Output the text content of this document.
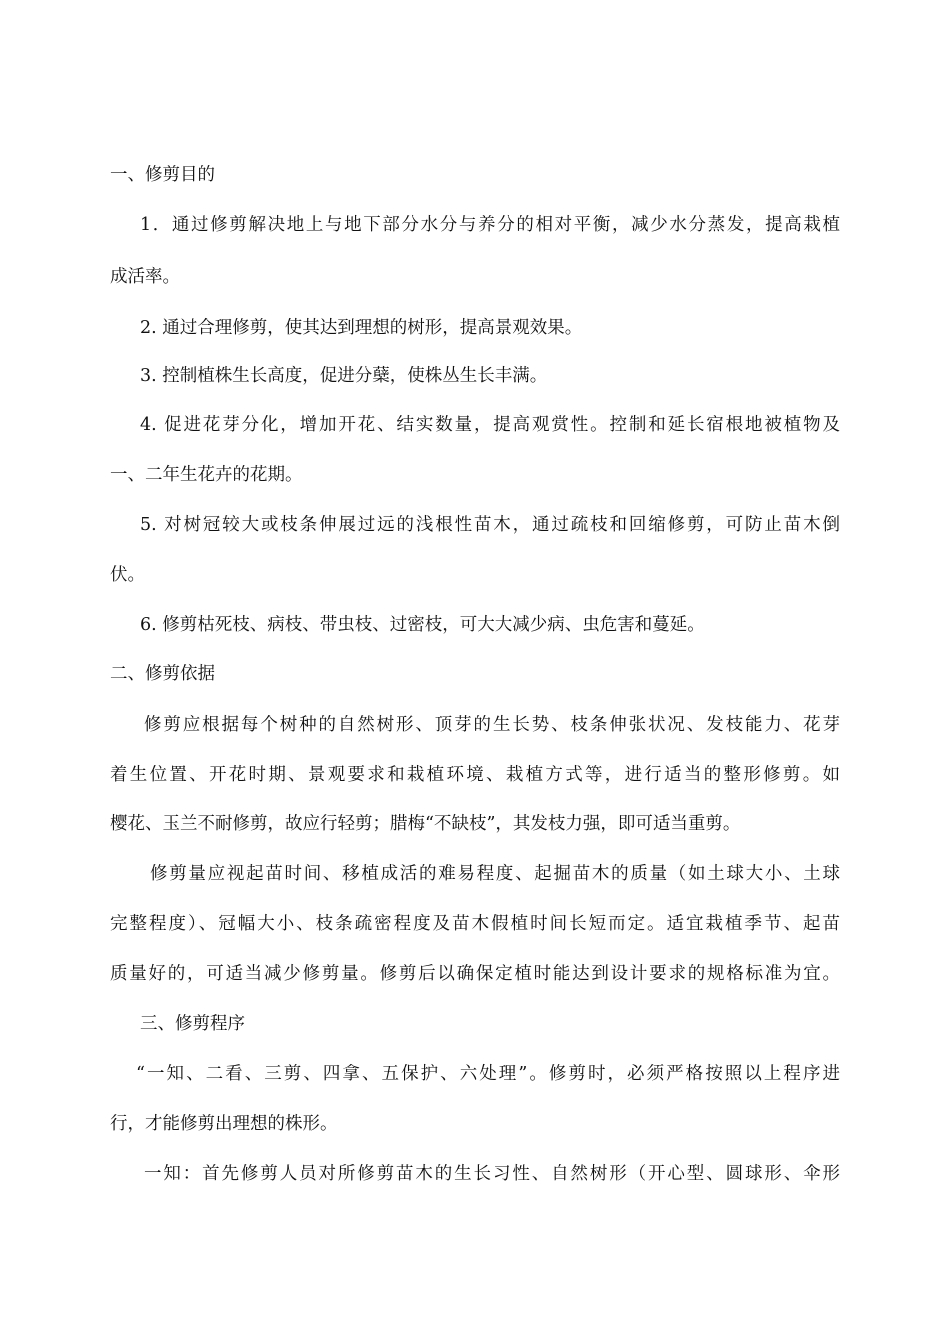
一、修剪目的
1．通过修剪解决地上与地下部分水分与养分的相对平衡，减少水分蒸发，提高栽植
成活率。
2. 通过合理修剪，使其达到理想的树形，提高景观效果。
3. 控制植株生长高度，促进分蘖，使株丛生长丰满。
4. 促进花芽分化，增加开花、结实数量，提高观赏性。控制和延长宿根地被植物及
一、二年生花卉的花期。
5. 对树冠较大或枝条伸展过远的浅根性苗木，通过疏枝和回缩修剪，可防止苗木倒
伏。
6. 修剪枯死枝、病枝、带虫枝、过密枝，可大大减少病、虫危害和蔓延。
二、修剪依据
修剪应根据每个树种的自然树形、顶芽的生长势、枝条伸张状况、发枝能力、花芽
着生位置、开花时期、景观要求和栽植环境、栽植方式等，进行适当的整形修剪。如
樱花、玉兰不耐修剪，故应行轻剪；腊梅“不缺枝”，其发枝力强，即可适当重剪。
修剪量应视起苗时间、移植成活的难易程度、起掘苗木的质量（如土球大小、土球
完整程度）、冠幅大小、枝条疏密程度及苗木假植时间长短而定。适宜栽植季节、起苗
质量好的，可适当减少修剪量。修剪后以确保定植时能达到设计要求的规格标准为宜。
三、修剪程序
“一知、二看、三剪、四拿、五保护、六处理”。修剪时，必须严格按照以上程序进
行，才能修剪出理想的株形。
一知：首先修剪人员对所修剪苗木的生长习性、自然树形（开心型、圆球形、伞形
